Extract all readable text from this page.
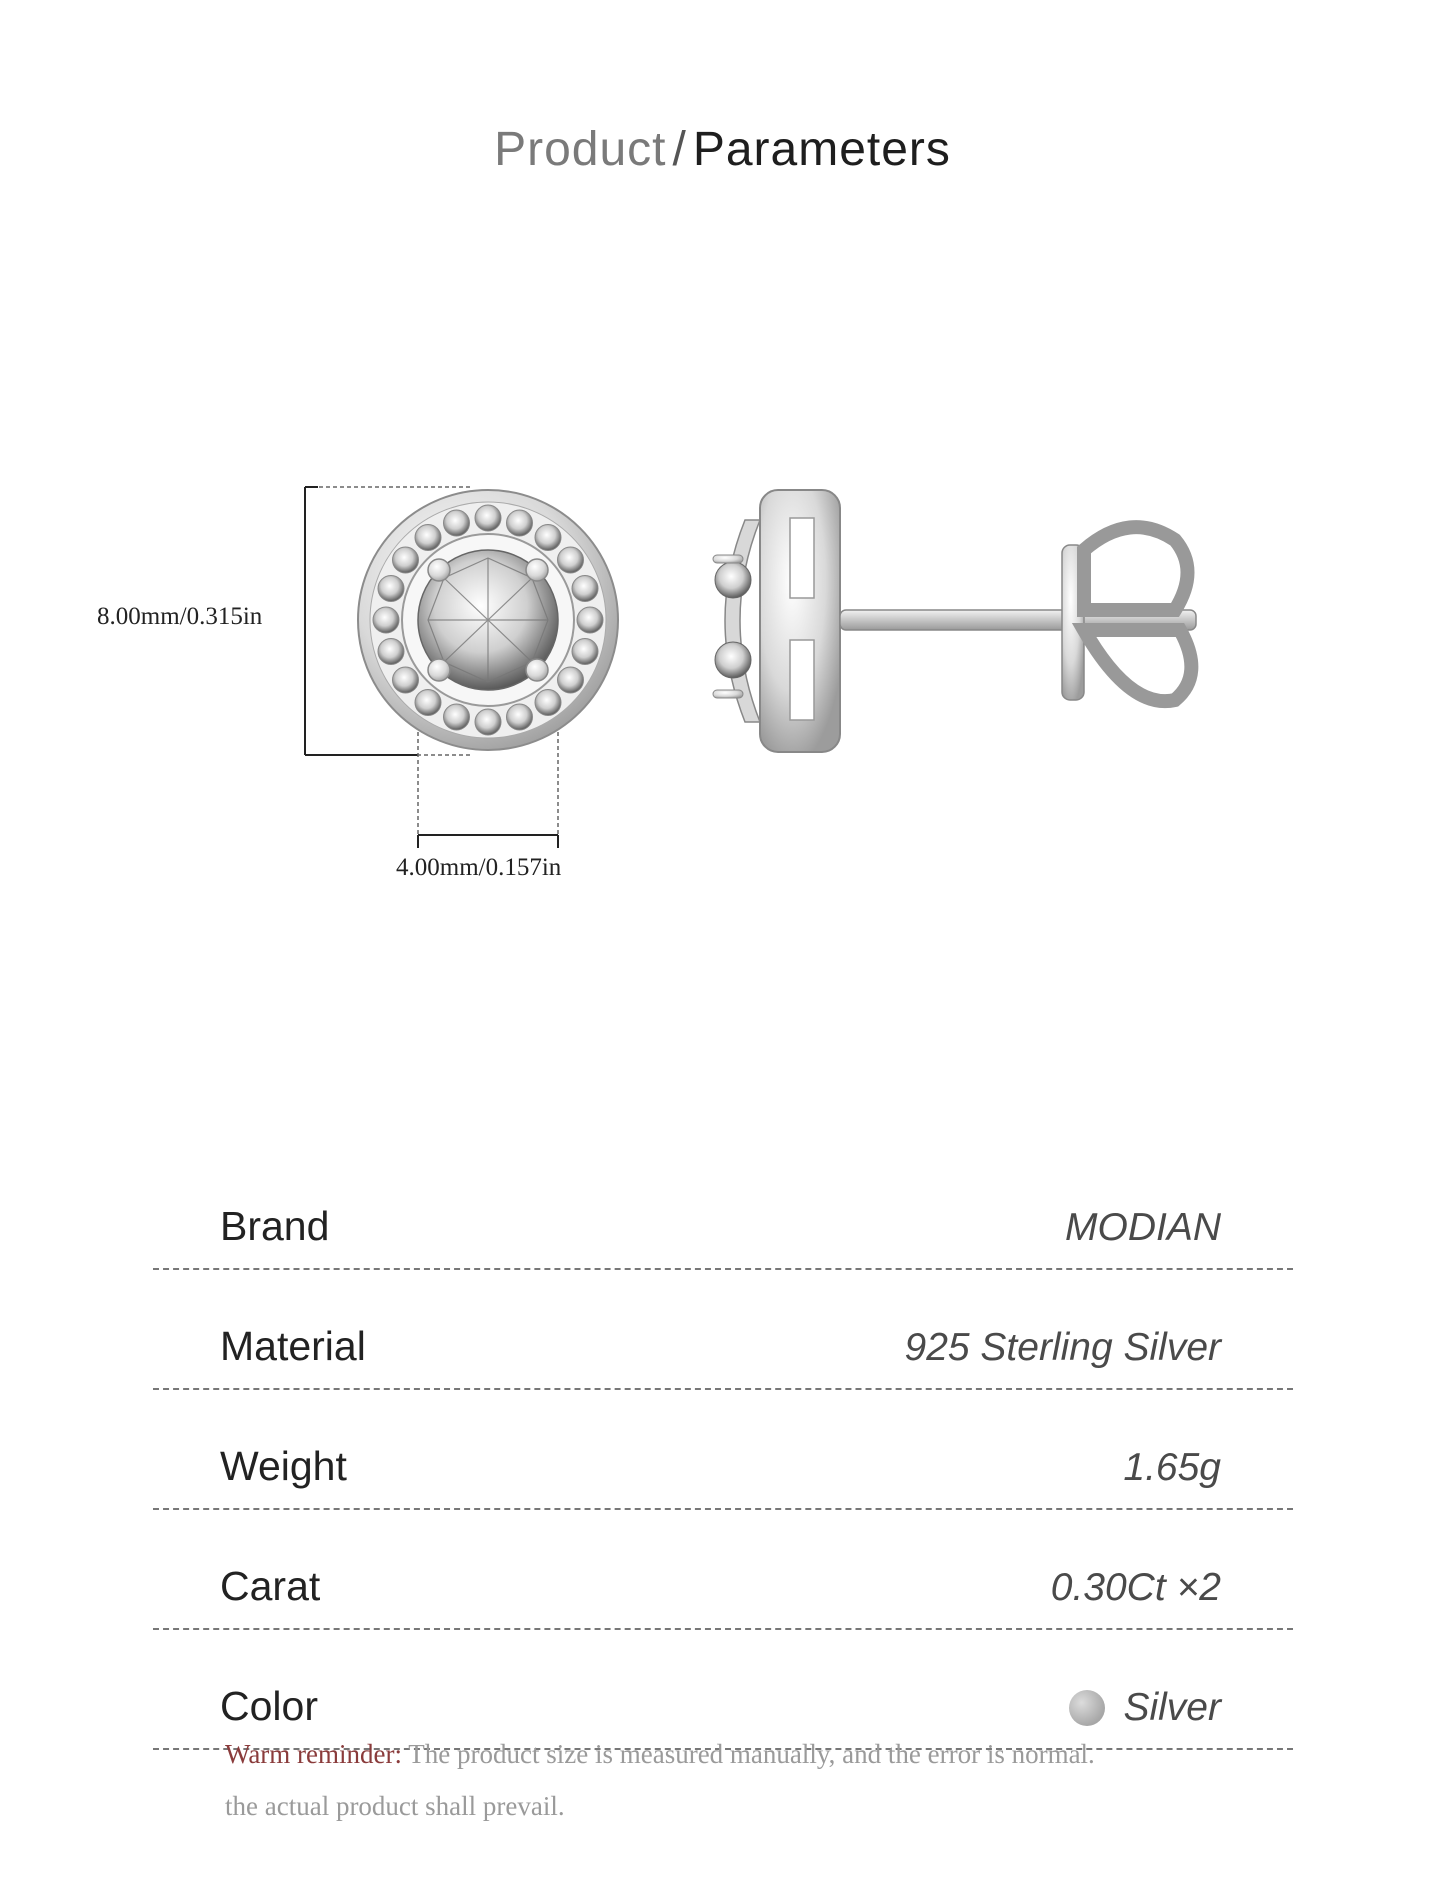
Product / Parameters
8.00mm/0.315in
4.00mm/0.157in
Brand	MODIAN
Material	925 Sterling Silver
Weight	1.65g
Carat	0.30Ct ×2
Color	Silver
Warm reminder: The product size is measured manually, and the error is normal.
the actual product shall prevail.
